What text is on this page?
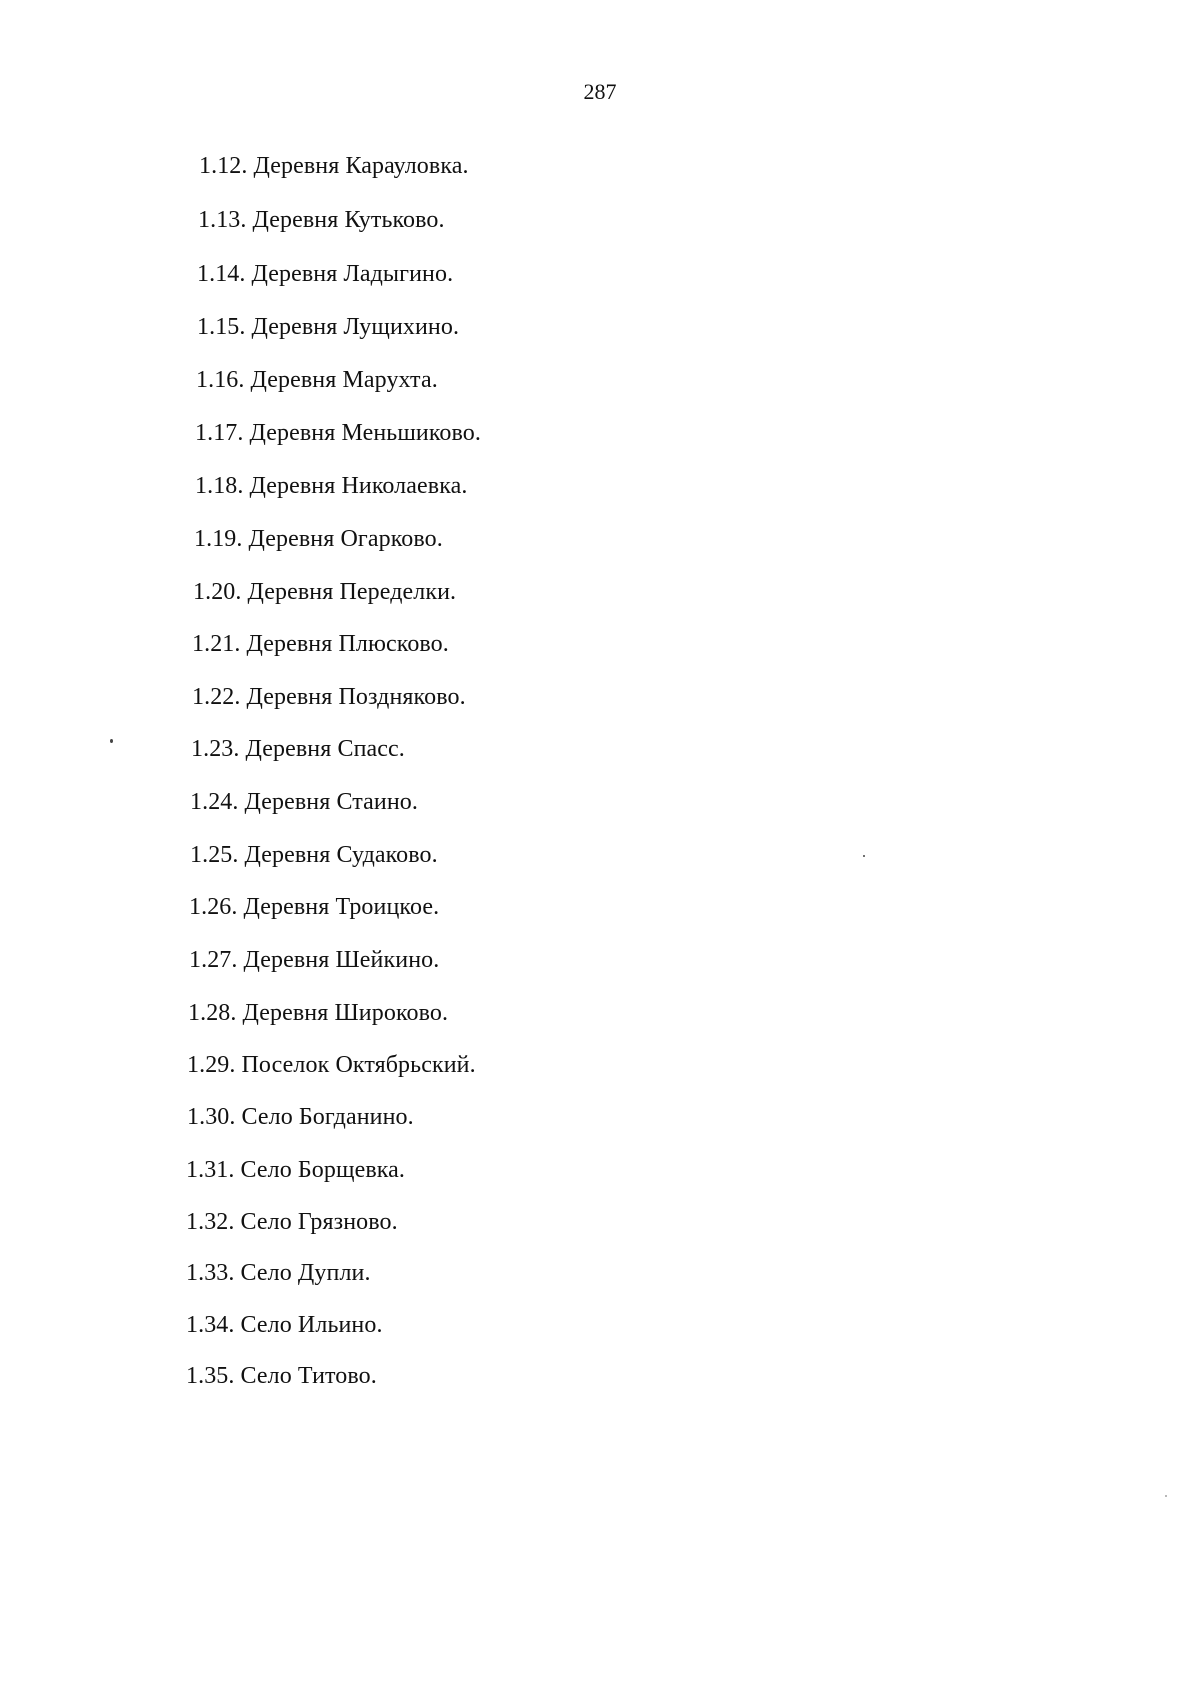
287
1.12. Деревня Карауловка.
1.13. Деревня Кутьково.
1.14. Деревня Ладыгино.
1.15. Деревня Лущихино.
1.16. Деревня Марухта.
1.17. Деревня Меньшиково.
1.18. Деревня Николаевка.
1.19. Деревня Огарково.
1.20. Деревня Переделки.
1.21. Деревня Плюсково.
1.22. Деревня Поздняково.
1.23. Деревня Спасс.
1.24. Деревня Стаино.
1.25. Деревня Судаково.
1.26. Деревня Троицкое.
1.27. Деревня Шейкино.
1.28. Деревня Широково.
1.29. Поселок Октябрьский.
1.30. Село Богданино.
1.31. Село Борщевка.
1.32. Село Грязново.
1.33. Село Дупли.
1.34. Село Ильино.
1.35. Село Титово.
